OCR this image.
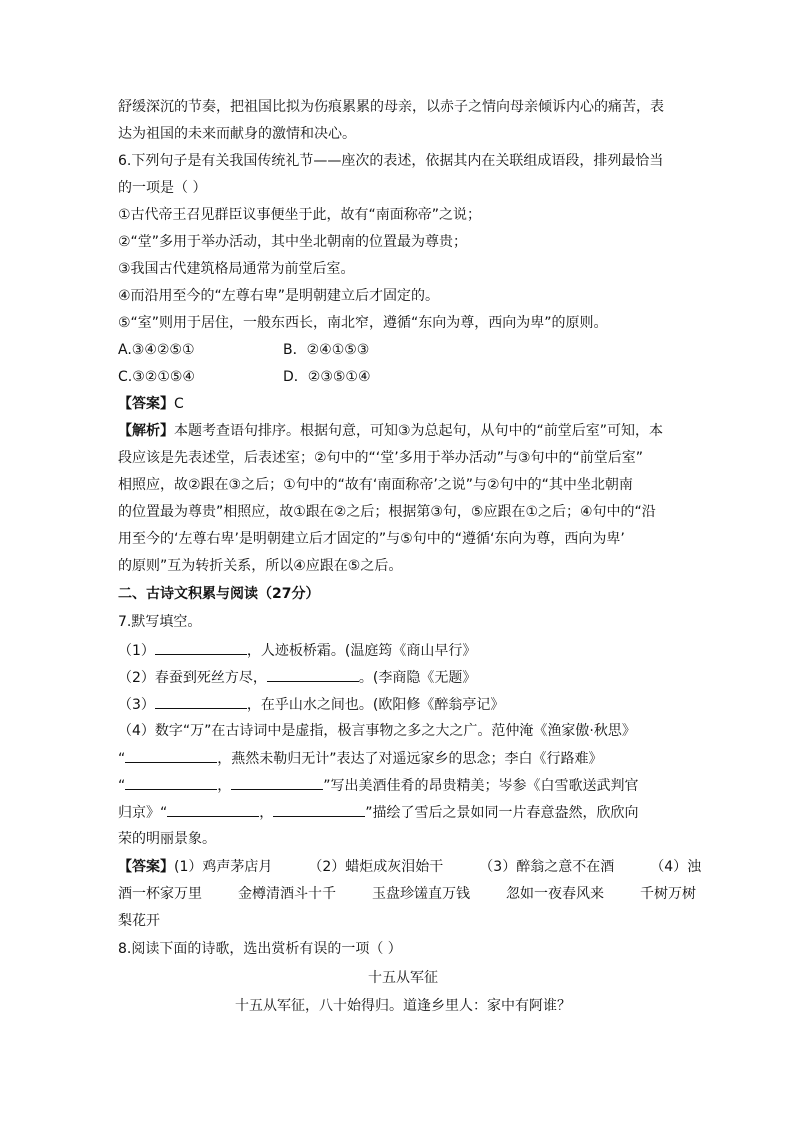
舒缓深沉的节奏，把祖国比拟为伤痕累累的母亲，以赤子之情向母亲倾诉内心的痛苦，表
达为祖国的未来而献身的激情和决心。
6.下列句子是有关我国传统礼节——座次的表述，依据其内在关联组成语段，排列最恰当
的一项是（ ）
①古代帝王召见群臣议事便坐于此，故有“南面称帝”之说；
②“堂”多用于举办活动，其中坐北朝南的位置最为尊贵；
③我国古代建筑格局通常为前堂后室。
④而沿用至今的“左尊右卑”是明朝建立后才固定的。
⑤“室”则用于居住，一般东西长，南北窄，遵循“东向为尊，西向为卑”的原则。
A.③④②⑤①	B．②④①⑤③
C.③②①⑤④	D．②③⑤①④
【答案】C
【解析】本题考查语句排序。根据句意，可知③为总起句，从句中的“前堂后室”可知，本
段应该是先表述堂，后表述室；②句中的“‘堂’多用于举办活动”与③句中的“前堂后室”
相照应，故②跟在③之后；①句中的“故有‘南面称帝’之说”与②句中的“其中坐北朝南
的位置最为尊贵”相照应，故①跟在②之后；根据第③句，⑤应跟在①之后；④句中的“沿
用至今的‘左尊右卑’是明朝建立后才固定的”与⑤句中的“遵循‘东向为尊，西向为卑’
的原则”互为转折关系，所以④应跟在⑤之后。
二、古诗文积累与阅读（27分）
7.默写填空。
（1）	，人迹板桥霜。(温庭筠《商山早行》
（2）春蚕到死丝方尽，	。(李商隐《无题》
（3）	，在乎山水之间也。(欧阳修《醉翁亭记》
（4）数字“万”在古诗词中是虚指，极言事物之多之大之广。范仲淹《渔家傲·秋思》
“	，燕然未勒归无计”表达了对遥远家乡的思念；李白《行路难》
“	，	”写出美酒佳肴的昂贵精美；岑参《白雪歌送武判官
归京》“	，	”描绘了雪后之景如同一片春意盎然，欣欣向
荣的明丽景象。
【答案】(1）鸡声茅店月	（2）蜡炬成灰泪始干	（3）醉翁之意不在酒	（4）浊
酒一杯家万里	金樽清酒斗十千	玉盘珍馐直万钱	忽如一夜春风来	千树万树
梨花开
8.阅读下面的诗歌，选出赏析有误的一项（ ）
十五从军征
十五从军征，八十始得归。道逢乡里人：家中有阿谁？
